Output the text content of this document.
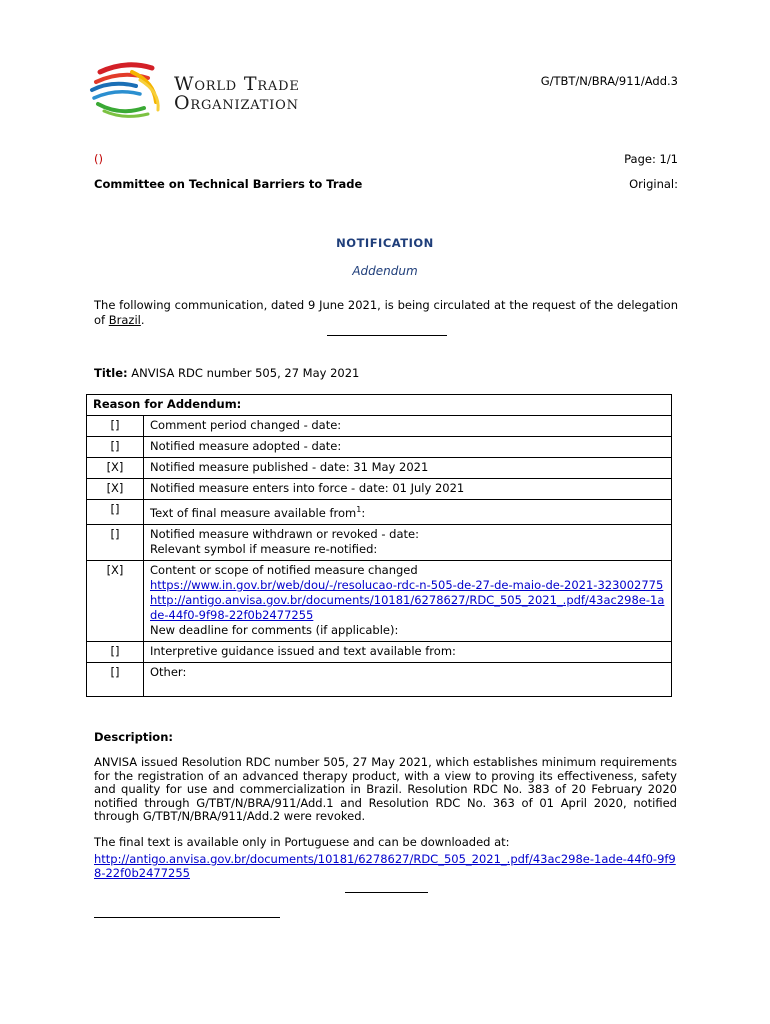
World Trade
Organization
G/TBT/N/BRA/911/Add.3
()	Page: 1/1
Committee on Technical Barriers to Trade	Original:
NOTIFICATION
Addendum
The following communication, dated 9 June 2021, is being circulated at the request of the delegation of Brazil.
Title: ANVISA RDC number 505, 27 May 2021
Reason for Addendum:	
[]	Comment period changed - date:
[]	Notified measure adopted - date:
[X]	Notified measure published - date: 31 May 2021
[X]	Notified measure enters into force - date: 01 July 2021
[]	Text of final measure available from$^1$:
[]	Notified measure withdrawn or revoked - date:
Relevant symbol if measure re-notified:

[X]	Content or scope of notified measure changed
https://www.in.gov.br/web/dou/-/resolucao-rdc-n-505-de-27-de-maio-de-2021-323002775
http://antigo.anvisa.gov.br/documents/10181/6278627/RDC_505_2021_.pdf/43ac298e-1ade-44f0-9f98-22f0b2477255
New deadline for comments (if applicable):

[]	Interpretive guidance issued and text available from:
[]	Other:
Description:
ANVISA issued Resolution RDC number 505, 27 May 2021, which establishes minimum requirements for the registration of an advanced therapy product, with a view to proving its effectiveness, safety and quality for use and commercialization in Brazil. Resolution RDC No. 383 of 20 February 2020 notified through G/TBT/N/BRA/911/Add.1 and Resolution RDC No. 363 of 01 April 2020, notified through G/TBT/N/BRA/911/Add.2 were revoked.
The final text is available only in Portuguese and can be downloaded at:
http://antigo.anvisa.gov.br/documents/10181/6278627/RDC_505_2021_.pdf/43ac298e-1ade-44f0-9f98-22f0b2477255
